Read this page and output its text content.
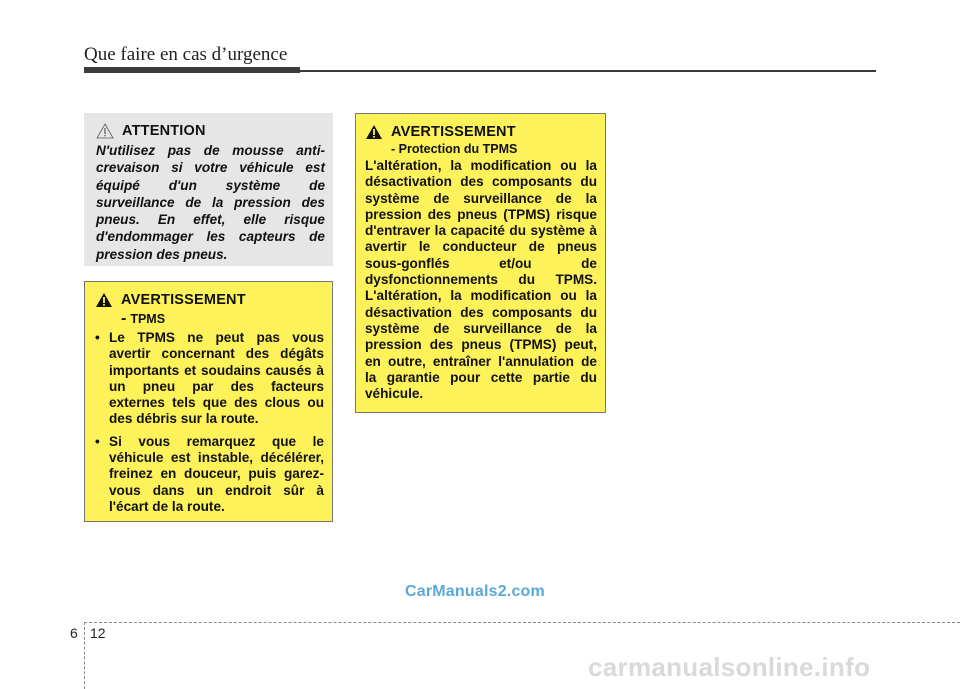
Que faire en cas d’urgence
ATTENTION

N'utilisez pas de mousse anti-crevaison si votre véhicule est équipé d'un système de surveillance de la pression des pneus. En effet, elle risque d'endommager les capteurs de pression des pneus.

AVERTISSEMENT
- TPMS
• Le TPMS ne peut pas vous avertir concernant des dégâts importants et soudains causés à un pneu par des facteurs externes tels que des clous ou des débris sur la route.
• Si vous remarquez que le véhicule est instable, décélérer, freinez en douceur, puis garez-vous dans un endroit sûr à l'écart de la route.
AVERTISSEMENT
- Protection du TPMS

L'altération, la modification ou la désactivation des composants du système de surveillance de la pression des pneus (TPMS) risque d'entraver la capacité du système à avertir le conducteur de pneus sous-gonflés et/ou de dysfonctionnements du TPMS. L'altération, la modification ou la désactivation des composants du système de surveillance de la pression des pneus (TPMS) peut, en outre, entraîner l'annulation de la garantie pour cette partie du véhicule.

CarManuals2.com
6 12
carmanualsonline.info
